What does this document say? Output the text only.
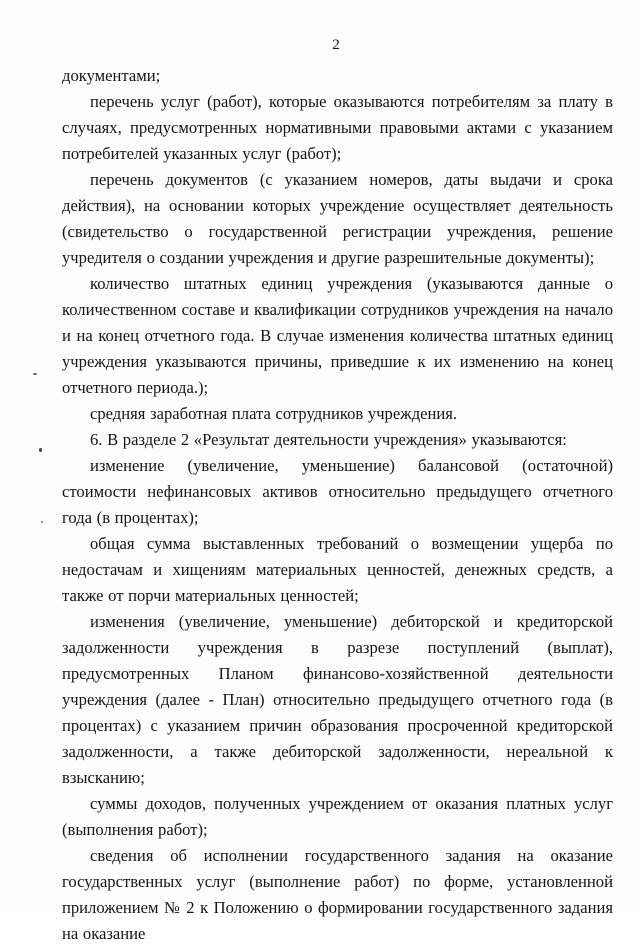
2

документами;

перечень услуг (работ), которые оказываются потребителям за плату в случаях, предусмотренных нормативными правовыми актами с указанием потребителей указанных услуг (работ);

перечень документов (с указанием номеров, даты выдачи и срока действия), на основании которых учреждение осуществляет деятельность (свидетельство о государственной регистрации учреждения, решение учредителя о создании учреждения и другие разрешительные документы);

количество штатных единиц учреждения (указываются данные о количественном составе и квалификации сотрудников учреждения на начало и на конец отчетного года. В случае изменения количества штатных единиц учреждения указываются причины, приведшие к их изменению на конец отчетного периода.);

средняя заработная плата сотрудников учреждения.

6. В разделе 2 «Результат деятельности учреждения» указываются:

изменение (увеличение, уменьшение) балансовой (остаточной) стоимости нефинансовых активов относительно предыдущего отчетного года (в процентах);

общая сумма выставленных требований о возмещении ущерба по недостачам и хищениям материальных ценностей, денежных средств, а также от порчи материальных ценностей;

изменения (увеличение, уменьшение) дебиторской и кредиторской задолженности учреждения в разрезе поступлений (выплат), предусмотренных Планом финансово-хозяйственной деятельности учреждения (далее - План) относительно предыдущего отчетного года (в процентах) с указанием причин образования просроченной кредиторской задолженности, а также дебиторской задолженности, нереальной к взысканию;

суммы доходов, полученных учреждением от оказания платных услуг (выполнения работ);

сведения об исполнении государственного задания на оказание государственных услуг (выполнение работ) по форме, установленной приложением № 2 к Положению о формировании государственного задания на оказание
